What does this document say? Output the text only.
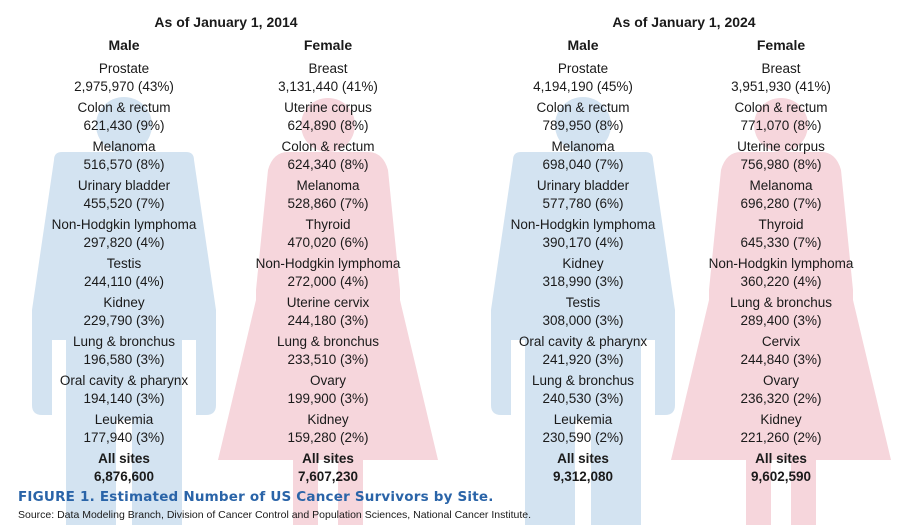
As of January 1, 2014	As of January 1, 2024
Male	Female	Male	Female
Prostate
2,975,970 (43%)
Colon & rectum
621,430 (9%)
Melanoma
516,570 (8%)
Urinary bladder
455,520 (7%)
Non-Hodgkin lymphoma
297,820 (4%)
Testis
244,110 (4%)
Kidney
229,790 (3%)
Lung & bronchus
196,580 (3%)
Oral cavity & pharynx
194,140 (3%)
Leukemia
177,940 (3%)
All sites
6,876,600
Breast
3,131,440 (41%)
Uterine corpus
624,890 (8%)
Colon & rectum
624,340 (8%)
Melanoma
528,860 (7%)
Thyroid
470,020 (6%)
Non-Hodgkin lymphoma
272,000 (4%)
Uterine cervix
244,180 (3%)
Lung & bronchus
233,510 (3%)
Ovary
199,900 (3%)
Kidney
159,280 (2%)
All sites
7,607,230
Prostate
4,194,190 (45%)
Colon & rectum
789,950 (8%)
Melanoma
698,040 (7%)
Urinary bladder
577,780 (6%)
Non-Hodgkin lymphoma
390,170 (4%)
Kidney
318,990 (3%)
Testis
308,000 (3%)
Oral cavity & pharynx
241,920 (3%)
Lung & bronchus
240,530 (3%)
Leukemia
230,590 (2%)
All sites
9,312,080
Breast
3,951,930 (41%)
Colon & rectum
771,070 (8%)
Uterine corpus
756,980 (8%)
Melanoma
696,280 (7%)
Thyroid
645,330 (7%)
Non-Hodgkin lymphoma
360,220 (4%)
Lung & bronchus
289,400 (3%)
Cervix
244,840 (3%)
Ovary
236,320 (2%)
Kidney
221,260 (2%)
All sites
9,602,590
FIGURE 1. Estimated Number of US Cancer Survivors by Site.
Source: Data Modeling Branch, Division of Cancer Control and Population Sciences, National Cancer Institute.
